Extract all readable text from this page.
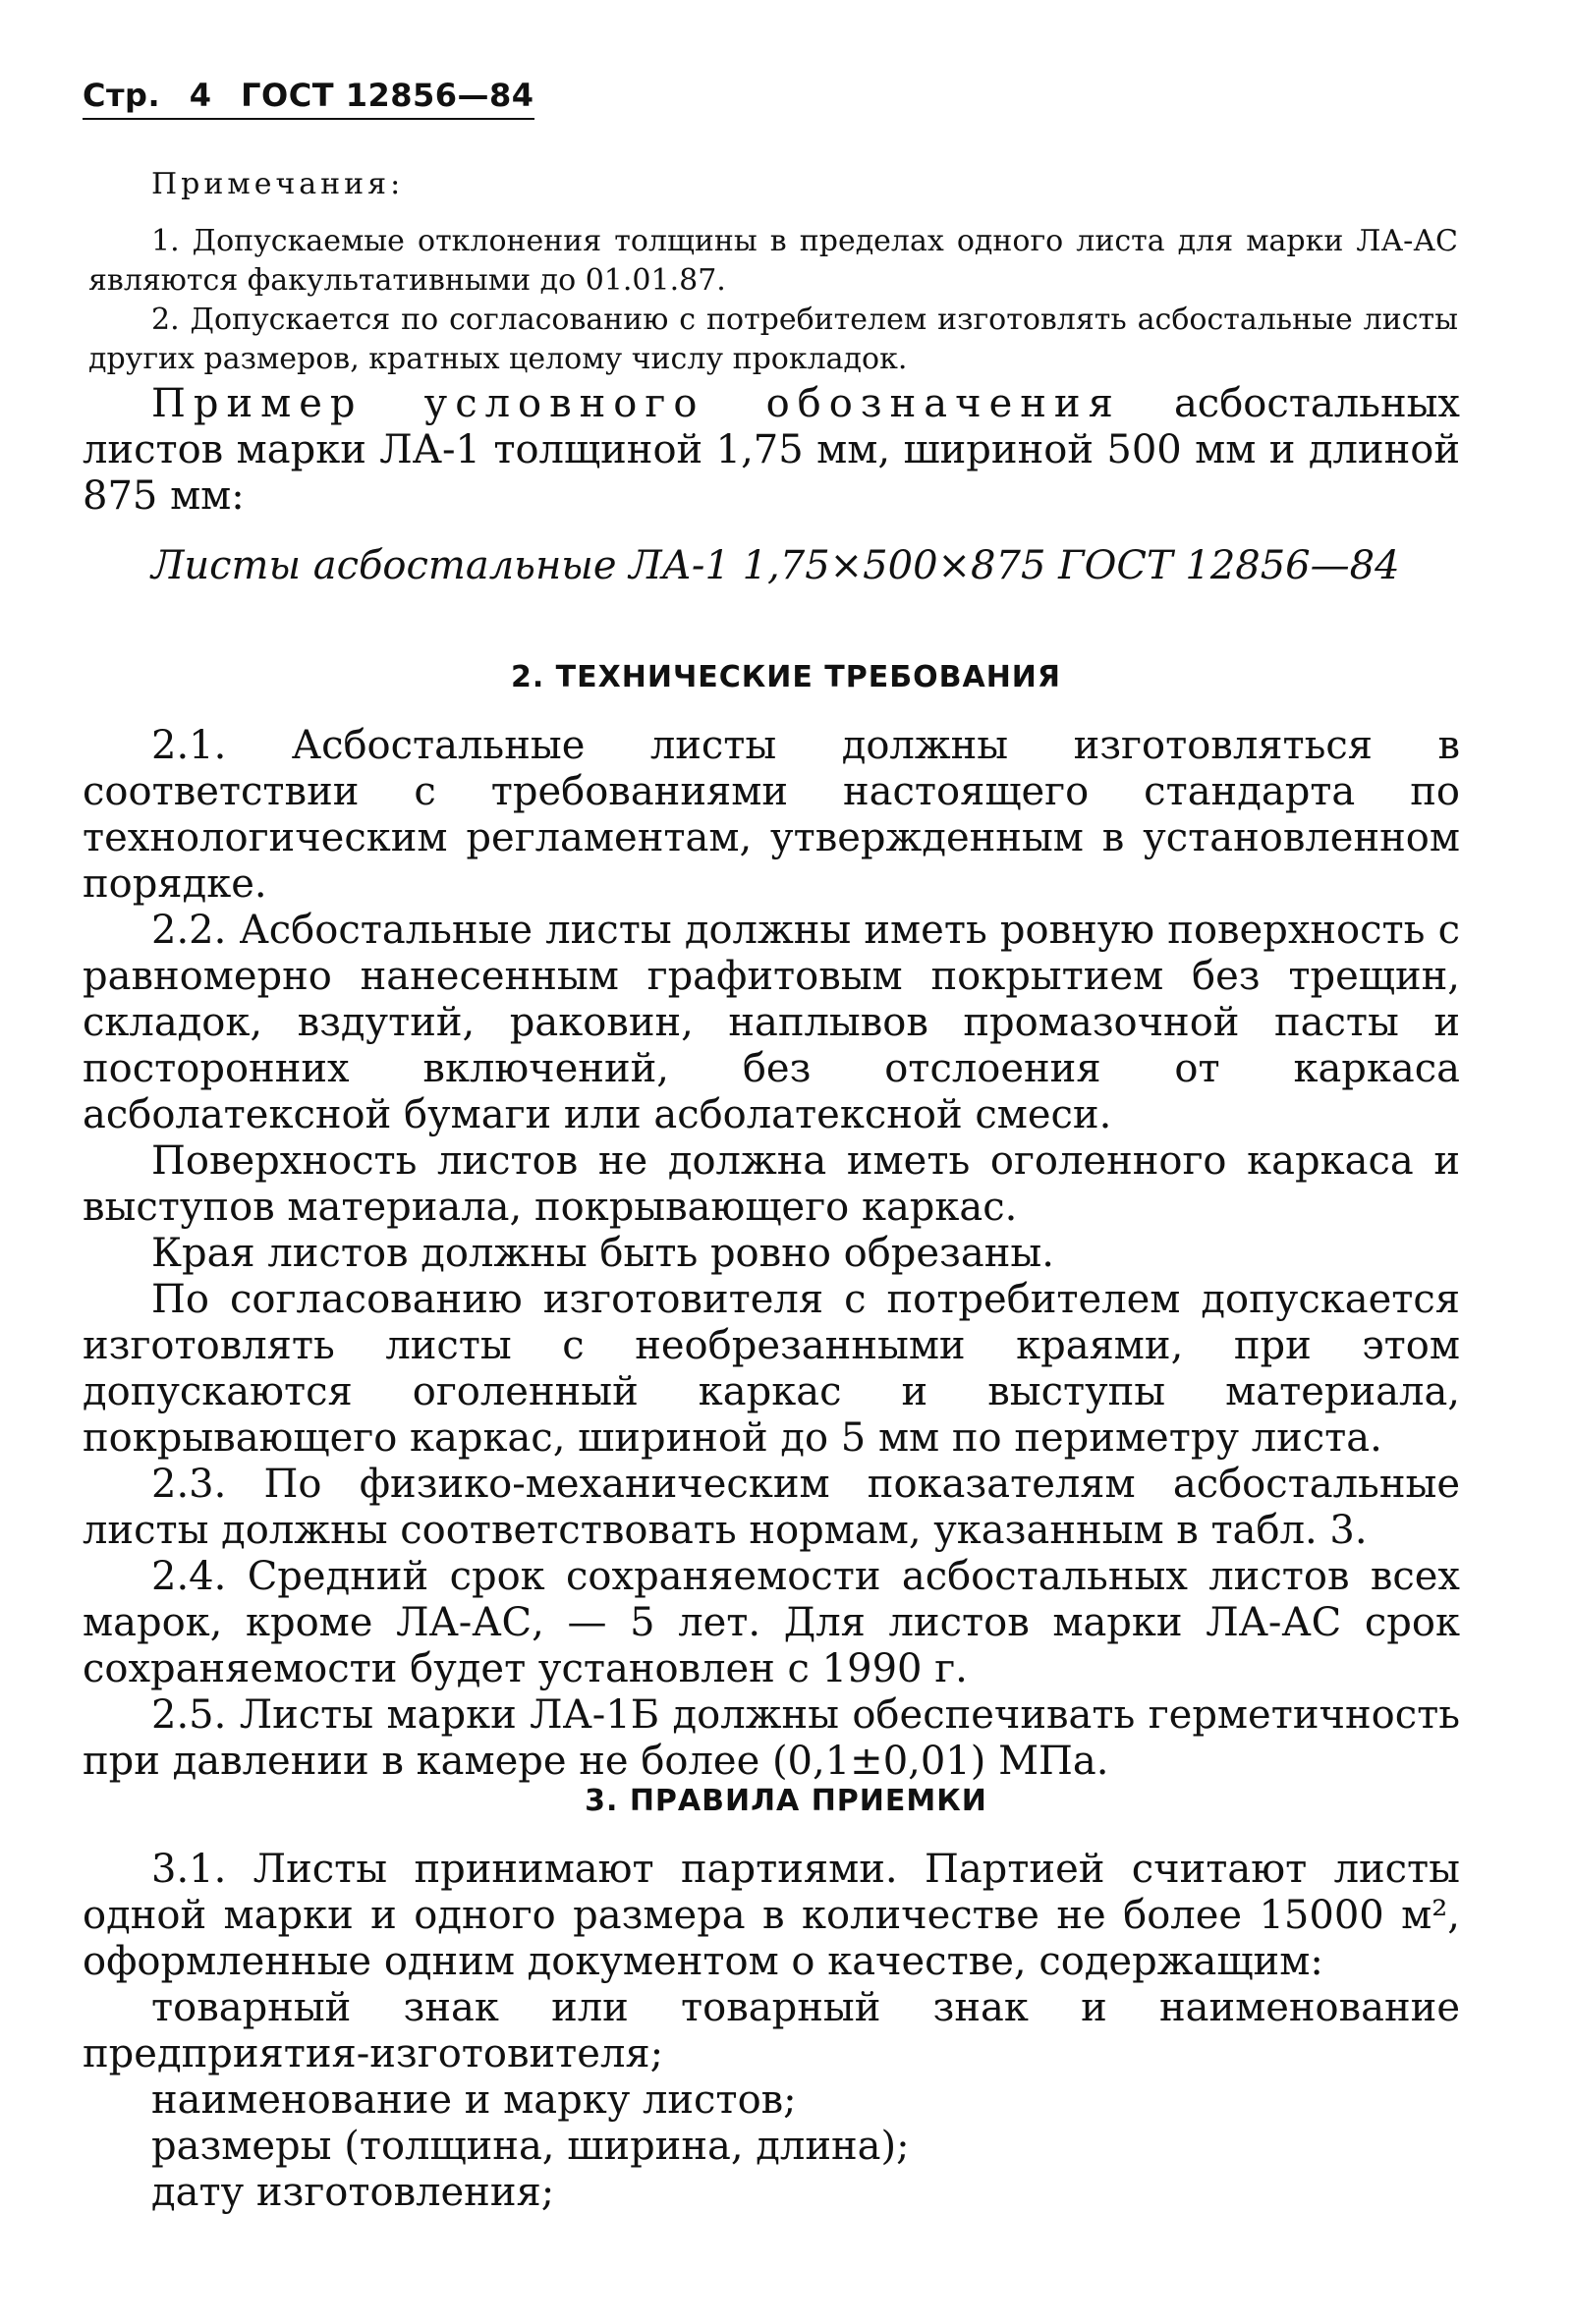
Стр. 4 ГОСТ 12856—84
Примечания:

1. Допускаемые отклонения толщины в пределах одного листа для марки ЛА-АС являются факультативными до 01.01.87.

2. Допускается по согласованию с потребителем изготовлять асбостальные листы других размеров, кратных целому числу прокладок.

Пример условного обозначения асбостальных листов марки ЛА-1 толщиной 1,75 мм, шириной 500 мм и длиной 875 мм:

Листы асбостальные ЛА-1 1,75×500×875 ГОСТ 12856—84

2. ТЕХНИЧЕСКИЕ ТРЕБОВАНИЯ

2.1. Асбостальные листы должны изготовляться в соответствии с требованиями настоящего стандарта по технологическим регламентам, утвержденным в установленном порядке.

2.2. Асбостальные листы должны иметь ровную поверхность с равномерно нанесенным графитовым покрытием без трещин, складок, вздутий, раковин, наплывов промазочной пасты и посторонних включений, без отслоения от каркаса асболатексной бумаги или асболатексной смеси.

Поверхность листов не должна иметь оголенного каркаса и выступов материала, покрывающего каркас.

Края листов должны быть ровно обрезаны.

По согласованию изготовителя с потребителем допускается изготовлять листы с необрезанными краями, при этом допускаются оголенный каркас и выступы материала, покрывающего каркас, шириной до 5 мм по периметру листа.

2.3. По физико-механическим показателям асбостальные листы должны соответствовать нормам, указанным в табл. 3.

2.4. Средний срок сохраняемости асбостальных листов всех марок, кроме ЛА-АС, — 5 лет. Для листов марки ЛА-АС срок сохраняемости будет установлен с 1990 г.

2.5. Листы марки ЛА-1Б должны обеспечивать герметичность при давлении в камере не более (0,1±0,01) МПа.

3. ПРАВИЛА ПРИЕМКИ

3.1. Листы принимают партиями. Партией считают листы одной марки и одного размера в количестве не более 15000 м², оформленные одним документом о качестве, содержащим:

товарный знак или товарный знак и наименование предприятия-изготовителя;

наименование и марку листов;

размеры (толщина, ширина, длина);

дату изготовления;
